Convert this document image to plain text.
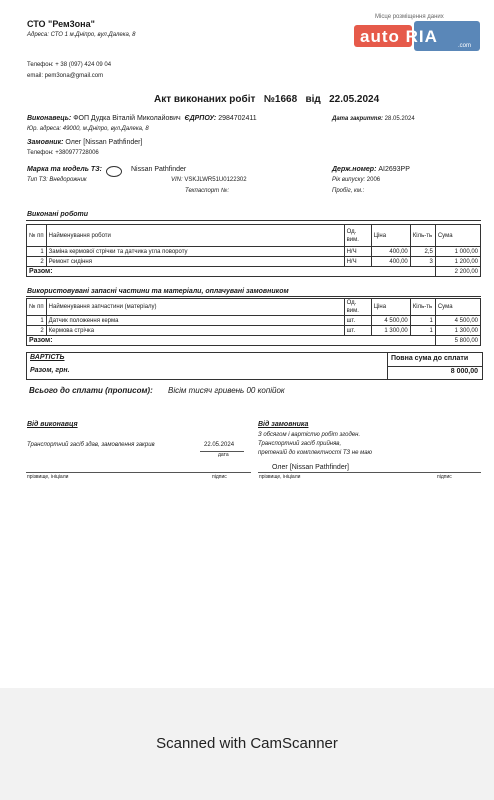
СТО "Рем3она"
Адреса: СТО 1 м.Дніпро, вул.Далека, 8
Телефон: + 38 (097) 424 09 04
email: pem3ona@gmail.com
Місце розміщення даних
auto RIA	.com
Акт виконаних робіт №1668 від 22.05.2024
Виконавець: ФОП Дудка Віталій Миколайович ЄДРПОУ: 2984702411
Юр. адреса: 49000, м.Дніпро, вул.Далека, 8
Дата закриття: 28.05.2024
Замовник: Олег [Nissan Pathfinder]
Телефон: +380977728006
Марка та модель ТЗ:	Nissan Pathfinder
Тип ТЗ: Внедорожник	VIN: VSKJLWR51U0122302
Техпаспорт №:
Держ.номер: AI2693PP
Рік випуску: 2006
Пробіг, км.:
Виконані роботи
№ пп	Найменування роботи	Од. вим.	Ціна	Кіль-ть	Сума
1	Заміна кермової стрічки та датчика угла повороту	Н/Ч	400,00	2,5	1 000,00
2	Ремонт сидіння	Н/Ч	400,00	3	1 200,00
Разом:					2 200,00
Використовувані запасні частини та матеріали, оплачувані замовником
№ пп	Найменування запчастини (матеріалу)	Од. вим.	Ціна	Кіль-ть	Сума
1	Датчик положення керма	шт.	4 500,00	1	4 500,00
2	Кермова стрічка	шт.	1 300,00	1	1 300,00
Разом:					5 800,00
ВАРТІСТЬ
Разом, грн.
Повна сума до сплати
8 000,00
Всього до сплати (прописом): Вісім тисяч гривень 00 копійок
Від виконавця
Транспортний засіб здав, замовлення закрив	22.05.2024
дата
Від замовника
З обсягом і вартістю робіт згоден.
Транспортний засіб прийняв,
претензій до комплектності ТЗ не маю
Олег [Nissan Pathfinder]
прізвище, ініціали	підпис	прізвище, ініціали	підпис
Scanned with CamScanner
